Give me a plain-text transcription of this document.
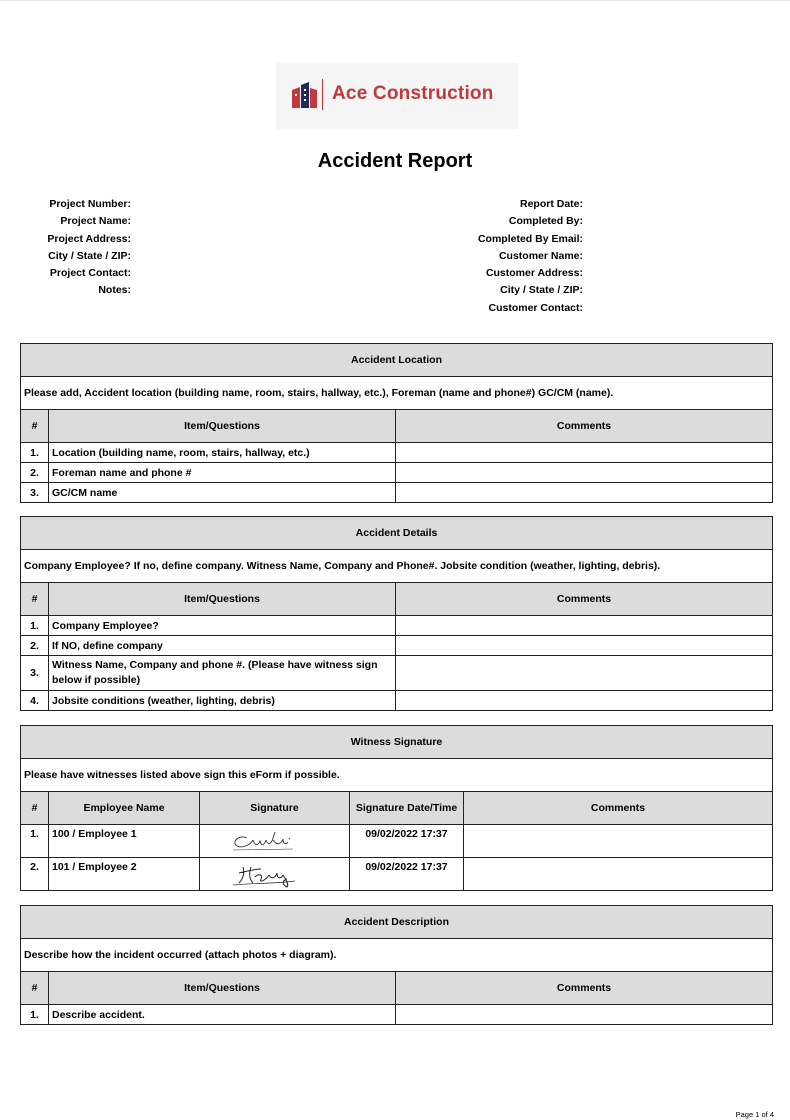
Ace Construction
Accident Report
Project Number:
Project Name:
Project Address:
City / State / ZIP:
Project Contact:
Notes:
Report Date:
Completed By:
Completed By Email:
Customer Name:
Customer Address:
City / State / ZIP:
Customer Contact:
Accident Location		
Please add, Accident location (building name, room, stairs, hallway, etc.), Foreman (name and phone#) GC/CM (name).		
#	Item/Questions	Comments
1.	Location (building name, room, stairs, hallway, etc.)	
2.	Foreman name and phone #	
3.	GC/CM name	
Accident Details		
Company Employee? If no, define company. Witness Name, Company and Phone#. Jobsite condition (weather, lighting, debris).		
#	Item/Questions	Comments
1.	Company Employee?	
2.	If NO, define company	
3.	Witness Name, Company and phone #. (Please have witness sign below if possible)	
4.	Jobsite conditions (weather, lighting, debris)	
Witness Signature				
Please have witnesses listed above sign this eForm if possible.				
#	Employee Name	Signature	Signature Date/Time	Comments
1.	100 / Employee 1		09/02/2022 17:37	
2.	101 / Employee 2		09/02/2022 17:37	
Accident Description		
Describe how the incident occurred (attach photos + diagram).		
#	Item/Questions	Comments
1.	Describe accident.	
Page 1 of 4
